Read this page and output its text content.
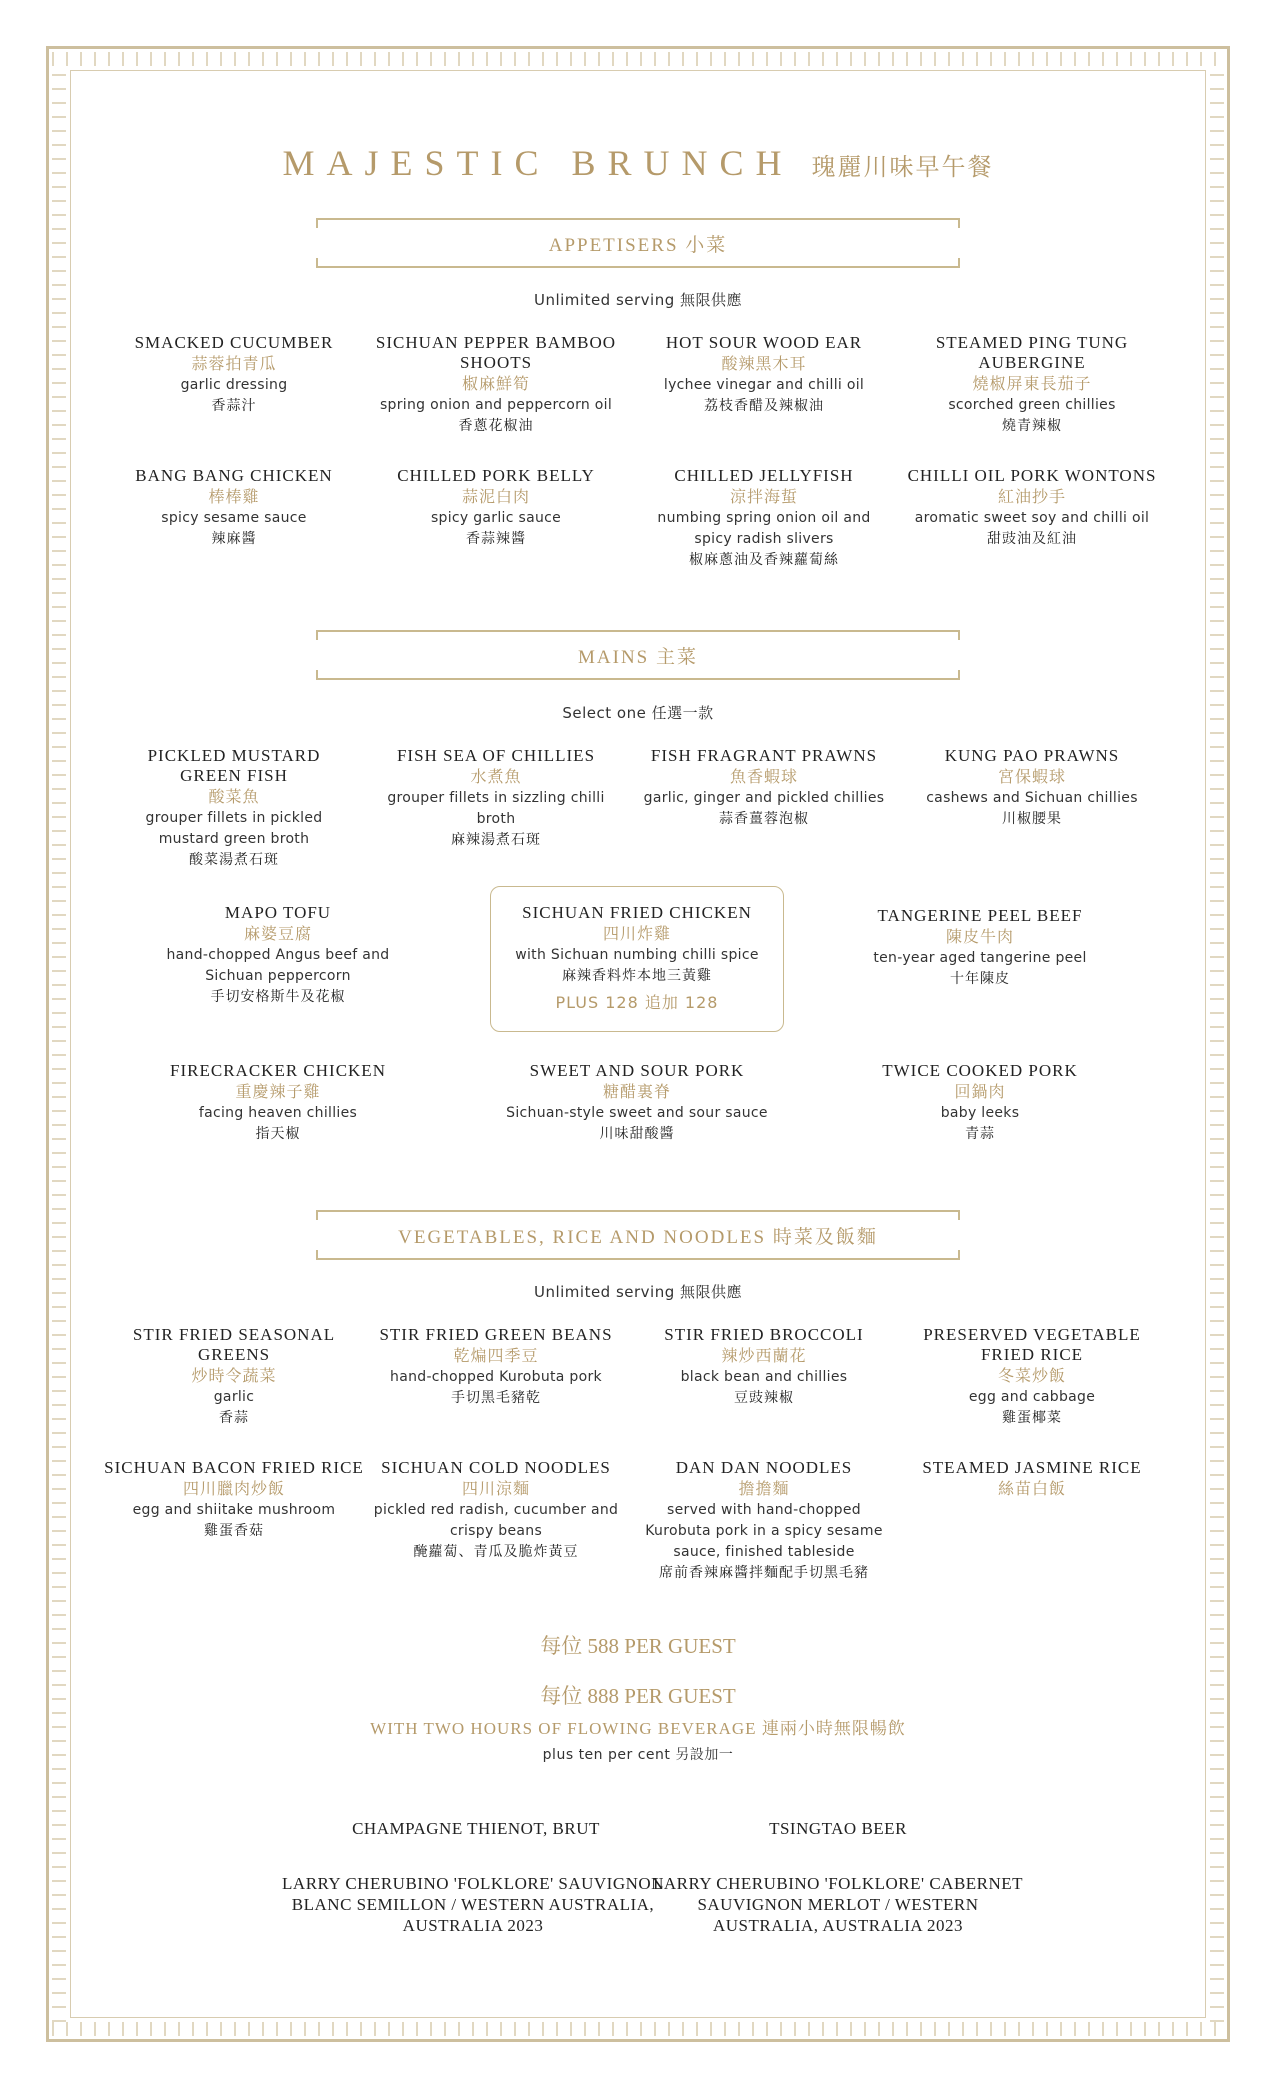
MAJESTIC BRUNCH 瑰麗川味早午餐
APPETISERS 小菜
Unlimited serving 無限供應
SMACKED CUCUMBER
蒜蓉拍青瓜
garlic dressing
香蒜汁
SICHUAN PEPPER BAMBOO SHOOTS
椒麻鮮筍
spring onion and peppercorn oil
香蔥花椒油
HOT SOUR WOOD EAR
酸辣黑木耳
lychee vinegar and chilli oil
荔枝香醋及辣椒油
STEAMED PING TUNG AUBERGINE
燒椒屏東長茄子
scorched green chillies
燒青辣椒
BANG BANG CHICKEN
棒棒雞
spicy sesame sauce
辣麻醬
CHILLED PORK BELLY
蒜泥白肉
spicy garlic sauce
香蒜辣醬
CHILLED JELLYFISH
涼拌海蜇
numbing spring onion oil and spicy radish slivers
椒麻蔥油及香辣蘿蔔絲
CHILLI OIL PORK WONTONS
紅油抄手
aromatic sweet soy and chilli oil
甜豉油及紅油
MAINS 主菜
Select one 任選一款
PICKLED MUSTARD GREEN FISH
酸菜魚
grouper fillets in pickled mustard green broth
酸菜湯煮石斑
FISH SEA OF CHILLIES
水煮魚
grouper fillets in sizzling chilli broth
麻辣湯煮石斑
FISH FRAGRANT PRAWNS
魚香蝦球
garlic, ginger and pickled chillies
蒜香薑蓉泡椒
KUNG PAO PRAWNS
宮保蝦球
cashews and Sichuan chillies
川椒腰果
MAPO TOFU
麻婆豆腐
hand-chopped Angus beef and Sichuan peppercorn
手切安格斯牛及花椒
SICHUAN FRIED CHICKEN
四川炸雞
with Sichuan numbing chilli spice
麻辣香料炸本地三黃雞
PLUS 128 追加 128
TANGERINE PEEL BEEF
陳皮牛肉
ten-year aged tangerine peel
十年陳皮
FIRECRACKER CHICKEN
重慶辣子雞
facing heaven chillies
指天椒
SWEET AND SOUR PORK
糖醋裏脊
Sichuan-style sweet and sour sauce
川味甜酸醬
TWICE COOKED PORK
回鍋肉
baby leeks
青蒜
VEGETABLES, RICE AND NOODLES 時菜及飯麵
Unlimited serving 無限供應
STIR FRIED SEASONAL GREENS
炒時令蔬菜
garlic
香蒜
STIR FRIED GREEN BEANS
乾煸四季豆
hand-chopped Kurobuta pork
手切黑毛豬乾
STIR FRIED BROCCOLI
辣炒西蘭花
black bean and chillies
豆豉辣椒
PRESERVED VEGETABLE FRIED RICE
冬菜炒飯
egg and cabbage
雞蛋椰菜
SICHUAN BACON FRIED RICE
四川臘肉炒飯
egg and shiitake mushroom
雞蛋香菇
SICHUAN COLD NOODLES
四川涼麵
pickled red radish, cucumber and crispy beans
醃蘿蔔、青瓜及脆炸黃豆
DAN DAN NOODLES
擔擔麵
served with hand-chopped Kurobuta pork in a spicy sesame sauce, finished tableside
席前香辣麻醬拌麵配手切黑毛豬
STEAMED JASMINE RICE
絲苗白飯
每位 588 PER GUEST
每位 888 PER GUEST
WITH TWO HOURS OF FLOWING BEVERAGE 連兩小時無限暢飲
plus ten per cent 另設加一
CHAMPAGNE THIENOT, BRUT	TSINGTAO BEER
LARRY CHERUBINO 'FOLKLORE' SAUVIGNON BLANC SEMILLON / WESTERN AUSTRALIA, AUSTRALIA 2023
LARRY CHERUBINO 'FOLKLORE' CABERNET SAUVIGNON MERLOT / WESTERN AUSTRALIA, AUSTRALIA 2023
